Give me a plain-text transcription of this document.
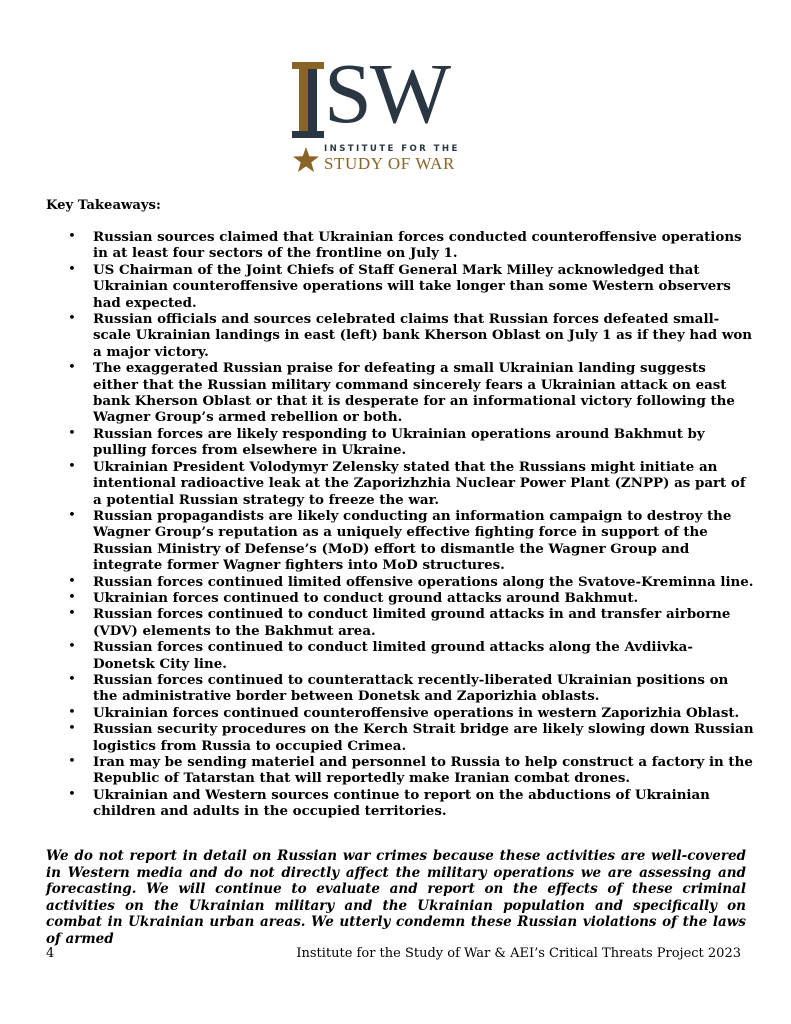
SW
INSTITUTE FOR THE
STUDY OF WAR
Key Takeaways:
• Russian sources claimed that Ukrainian forces conducted counteroffensive operations in at least four sectors of the frontline on July 1.
• US Chairman of the Joint Chiefs of Staff General Mark Milley acknowledged that Ukrainian counteroffensive operations will take longer than some Western observers had expected.
• Russian officials and sources celebrated claims that Russian forces defeated small-scale Ukrainian landings in east (left) bank Kherson Oblast on July 1 as if they had won a major victory.
• The exaggerated Russian praise for defeating a small Ukrainian landing suggests either that the Russian military command sincerely fears a Ukrainian attack on east bank Kherson Oblast or that it is desperate for an informational victory following the Wagner Group’s armed rebellion or both.
• Russian forces are likely responding to Ukrainian operations around Bakhmut by pulling forces from elsewhere in Ukraine.
• Ukrainian President Volodymyr Zelensky stated that the Russians might initiate an intentional radioactive leak at the Zaporizhzhia Nuclear Power Plant (ZNPP) as part of a potential Russian strategy to freeze the war.
• Russian propagandists are likely conducting an information campaign to destroy the Wagner Group’s reputation as a uniquely effective fighting force in support of the Russian Ministry of Defense’s (MoD) effort to dismantle the Wagner Group and integrate former Wagner fighters into MoD structures.
• Russian forces continued limited offensive operations along the Svatove-Kreminna line.
• Ukrainian forces continued to conduct ground attacks around Bakhmut.
• Russian forces continued to conduct limited ground attacks in and transfer airborne (VDV) elements to the Bakhmut area.
• Russian forces continued to conduct limited ground attacks along the Avdiivka-Donetsk City line.
• Russian forces continued to counterattack recently-liberated Ukrainian positions on the administrative border between Donetsk and Zaporizhia oblasts.
• Ukrainian forces continued counteroffensive operations in western Zaporizhia Oblast.
• Russian security procedures on the Kerch Strait bridge are likely slowing down Russian logistics from Russia to occupied Crimea.
• Iran may be sending materiel and personnel to Russia to help construct a factory in the Republic of Tatarstan that will reportedly make Iranian combat drones.
• Ukrainian and Western sources continue to report on the abductions of Ukrainian children and adults in the occupied territories.
We do not report in detail on Russian war crimes because these activities are well-covered in Western media and do not directly affect the military operations we are assessing and forecasting. We will continue to evaluate and report on the effects of these criminal activities on the Ukrainian military and the Ukrainian population and specifically on combat in Ukrainian urban areas. We utterly condemn these Russian violations of the laws of armed
4	Institute for the Study of War & AEI’s Critical Threats Project 2023
